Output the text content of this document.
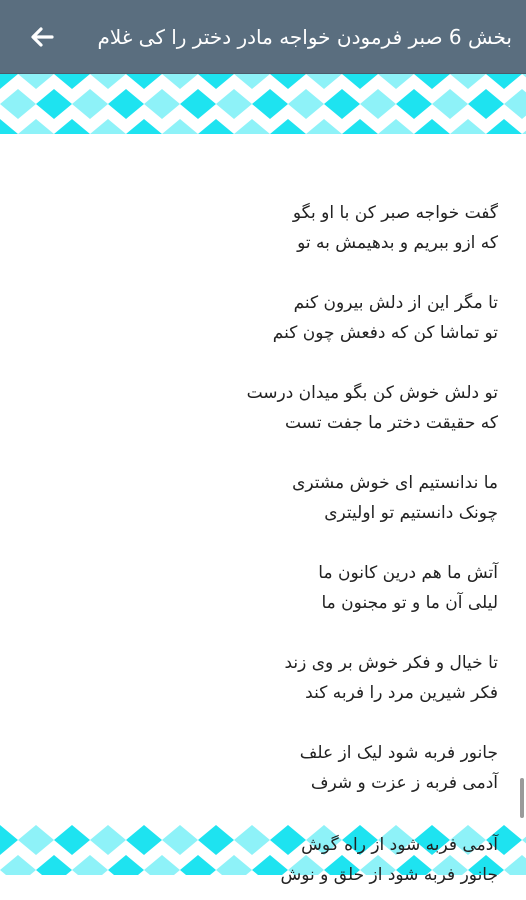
بخش 6 صبر فرمودن خواجه مادر دختر را کی غلام
گفت خواجه صبر کن با او بگو
که ازو ببریم و بدهیمش به تو
تا مگر این از دلش بیرون کنم
تو تماشا کن که دفعش چون کنم
تو دلش خوش کن بگو میدان درست
که حقیقت دختر ما جفت تست
ما ندانستیم ای خوش مشتری
چونک دانستیم تو اولیتری
آتش ما هم درین کانون ما
لیلی آن ما و تو مجنون ما
تا خیال و فکر خوش بر وی زند
فکر شیرین مرد را فربه کند
جانور فربه شود لیک از علف
آدمی فربه ز عزت و شرف
آدمی فربه شود از راه گوش
جانور فربه شود از حلق و نوش
